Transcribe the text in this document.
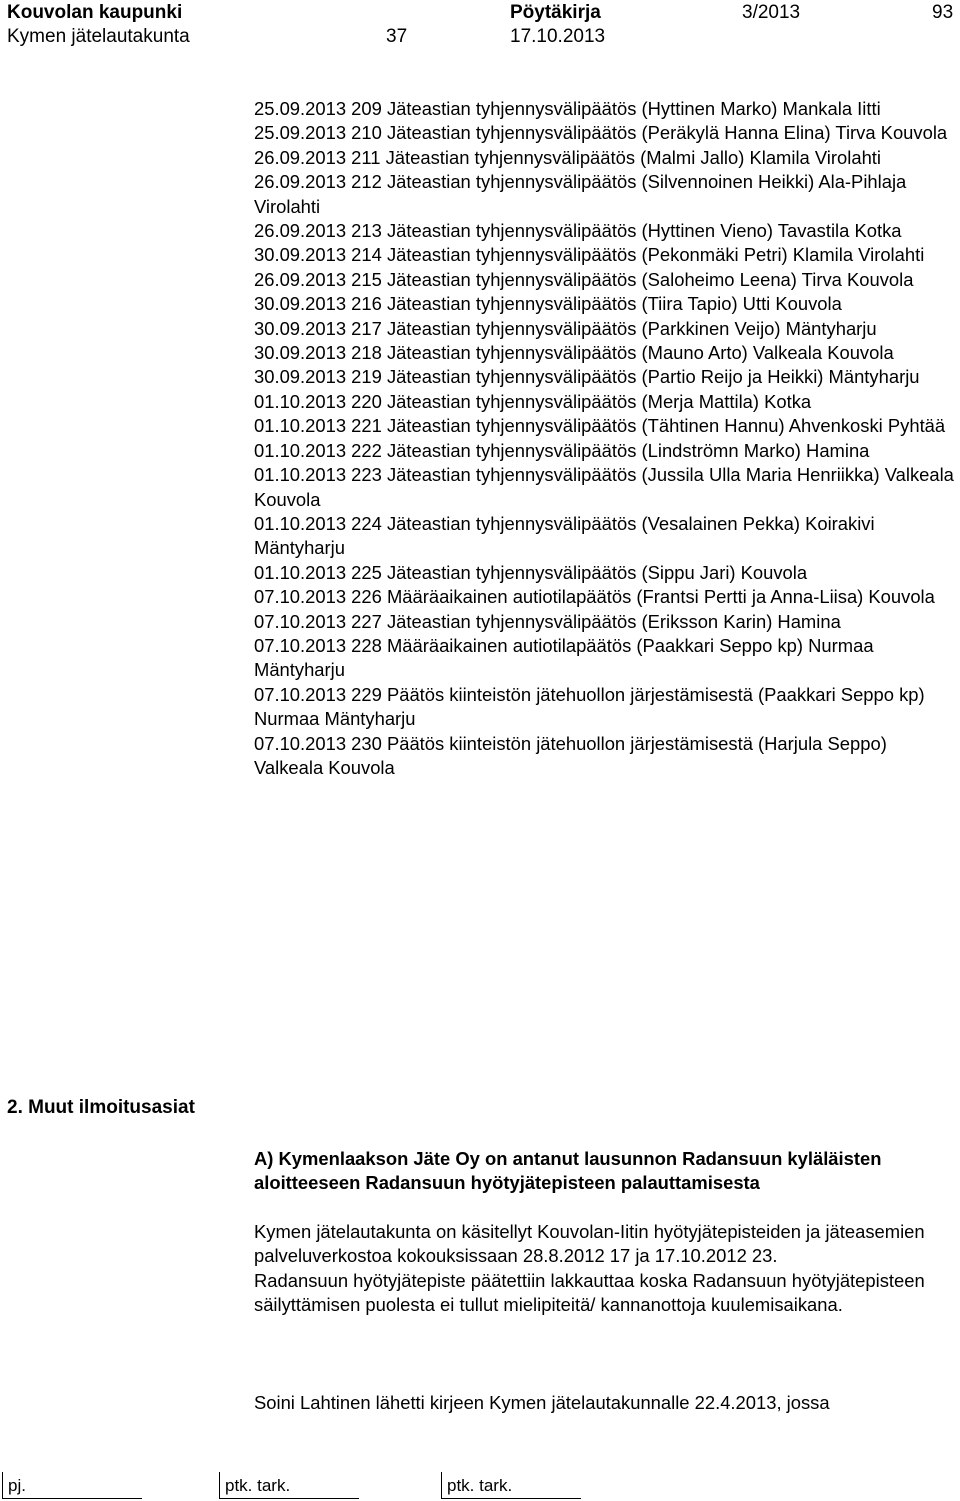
Kouvolan kaupunki	Pöytäkirja	3/2013	93
Kymen jätelautakunta	37	17.10.2013
25.09.2013 209 Jäteastian tyhjennysvälipäätös (Hyttinen Marko) Mankala Iitti
25.09.2013 210 Jäteastian tyhjennysvälipäätös (Peräkylä Hanna Elina) Tirva Kouvola
26.09.2013 211 Jäteastian tyhjennysvälipäätös (Malmi Jallo) Klamila Virolahti
26.09.2013 212 Jäteastian tyhjennysvälipäätös (Silvennoinen Heikki) Ala-Pihlaja Virolahti
26.09.2013 213 Jäteastian tyhjennysvälipäätös (Hyttinen Vieno) Tavastila Kotka
30.09.2013 214 Jäteastian tyhjennysvälipäätös (Pekonmäki Petri) Klamila Virolahti
26.09.2013 215 Jäteastian tyhjennysvälipäätös (Saloheimo Leena) Tirva Kouvola
30.09.2013 216 Jäteastian tyhjennysvälipäätös (Tiira Tapio) Utti Kouvola
30.09.2013 217 Jäteastian tyhjennysvälipäätös (Parkkinen Veijo) Mäntyharju
30.09.2013 218 Jäteastian tyhjennysvälipäätös (Mauno Arto) Valkeala Kouvola
30.09.2013 219 Jäteastian tyhjennysvälipäätös (Partio Reijo ja Heikki) Mäntyharju
01.10.2013 220 Jäteastian tyhjennysvälipäätös (Merja Mattila) Kotka
01.10.2013 221 Jäteastian tyhjennysvälipäätös (Tähtinen Hannu) Ahvenkoski Pyhtää
01.10.2013 222 Jäteastian tyhjennysvälipäätös (Lindströmn Marko) Hamina
01.10.2013 223 Jäteastian tyhjennysvälipäätös (Jussila Ulla Maria Henriikka) Valkeala Kouvola
01.10.2013 224 Jäteastian tyhjennysvälipäätös (Vesalainen Pekka) Koirakivi Mäntyharju
01.10.2013 225 Jäteastian tyhjennysvälipäätös (Sippu Jari) Kouvola
07.10.2013 226 Määräaikainen autiotilapäätös (Frantsi Pertti ja Anna-Liisa) Kouvola
07.10.2013 227 Jäteastian tyhjennysvälipäätös (Eriksson Karin) Hamina
07.10.2013 228 Määräaikainen autiotilapäätös (Paakkari Seppo kp) Nurmaa Mäntyharju
07.10.2013 229 Päätös kiinteistön jätehuollon järjestämisestä (Paakkari Seppo kp) Nurmaa Mäntyharju
07.10.2013 230 Päätös kiinteistön jätehuollon järjestämisestä (Harjula Seppo) Valkeala Kouvola
2. Muut ilmoitusasiat
A) Kymenlaakson Jäte Oy on antanut lausunnon Radansuun kyläläisten aloitteeseen Radansuun hyötyjätepisteen palauttamisesta
Kymen jätelautakunta on käsitellyt Kouvolan-Iitin hyötyjätepisteiden ja jäteasemien palveluverkostoa kokouksissaan 28.8.2012 17 ja 17.10.2012 23.
Radansuun hyötyjätepiste päätettiin lakkauttaa koska Radansuun hyötyjätepisteen säilyttämisen puolesta ei tullut mielipiteitä/ kannanottoja kuulemisaikana.
Soini Lahtinen lähetti kirjeen Kymen jätelautakunnalle 22.4.2013, jossa
pj.	ptk. tark.	ptk. tark.
